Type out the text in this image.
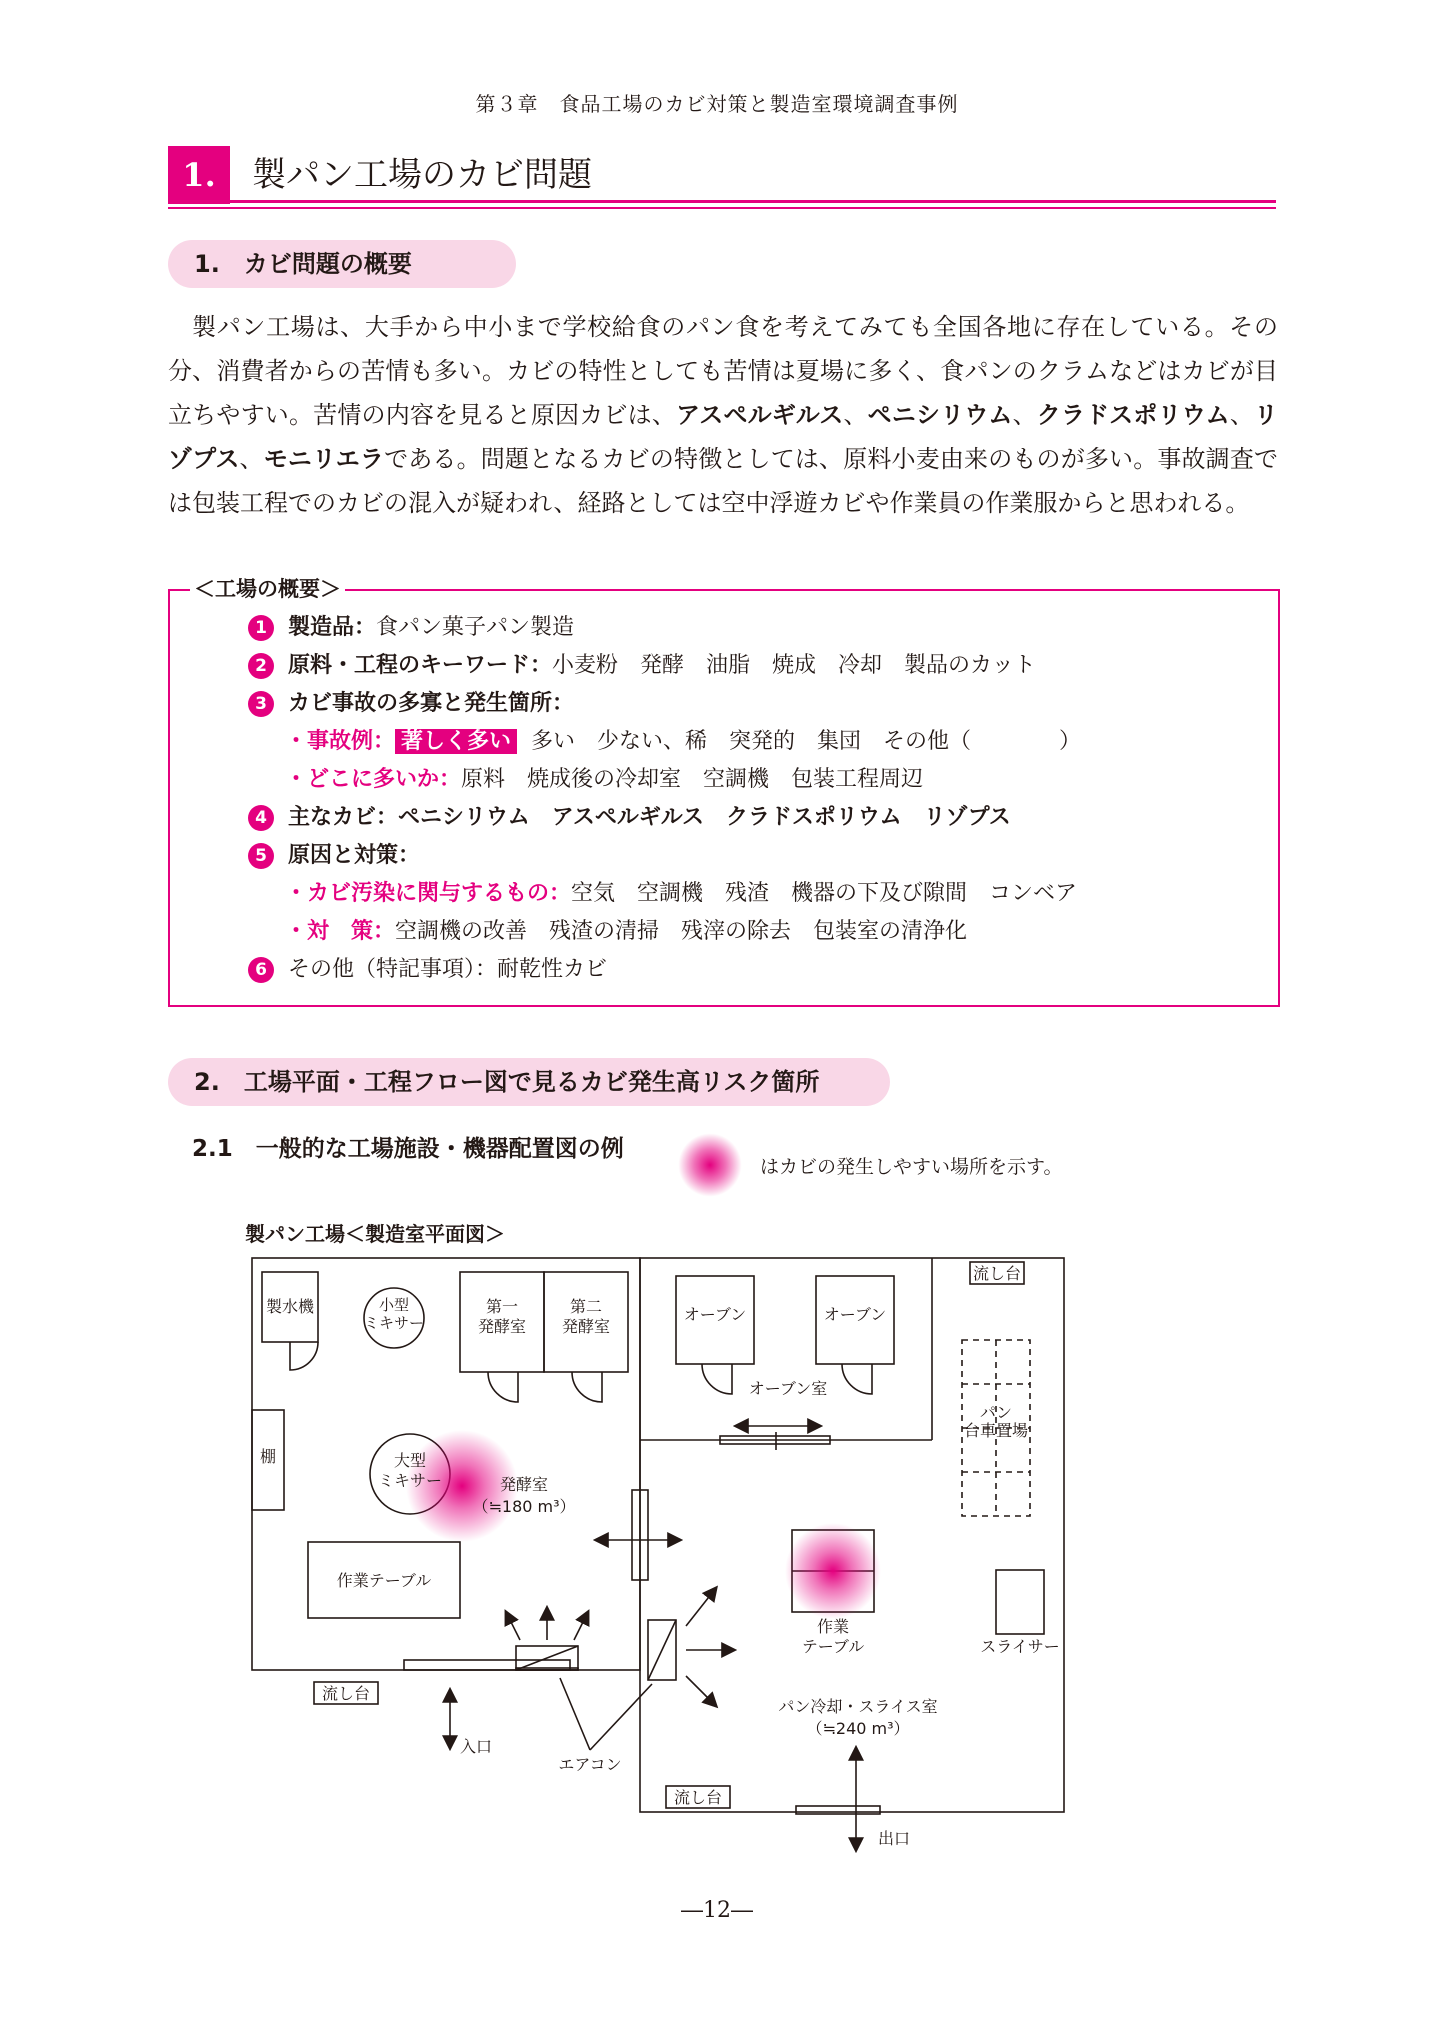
第３章　食品工場のカビ対策と製造室環境調査事例
1.	製パン工場のカビ問題
1.　カビ問題の概要
製パン工場は、大手から中小まで学校給食のパン食を考えてみても全国各地に存在している。その分、消費者からの苦情も多い。カビの特性としても苦情は夏場に多く、食パンのクラムなどはカビが目立ちやすい。苦情の内容を見ると原因カビは、アスペルギルス、ペニシリウム、クラドスポリウム、リゾプス、モニリエラである。問題となるカビの特徴としては、原料小麦由来のものが多い。事故調査では包装工程でのカビの混入が疑われ、経路としては空中浮遊カビや作業員の作業服からと思われる。
＜工場の概要＞
1 製造品：食パン菓子パン製造
2 原料・工程のキーワード：小麦粉　発酵　油脂　焼成　冷却　製品のカット
3 カビ事故の多寡と発生箇所：
・事故例： 著しく多い 多い　少ない、稀　突発的　集団　その他（　　　　）
・どこに多いか：原料　焼成後の冷却室　空調機　包装工程周辺
4 主なカビ：ペニシリウム　アスペルギルス　クラドスポリウム　リゾプス
5 原因と対策：
・カビ汚染に関与するもの：空気　空調機　残渣　機器の下及び隙間　コンベア
・対　策：空調機の改善　残渣の清掃　残滓の除去　包装室の清浄化
6 その他（特記事項）：耐乾性カビ
2.　工場平面・工程フロー図で見るカビ発生高リスク箇所
2.1　一般的な工場施設・機器配置図の例
はカビの発生しやすい場所を示す。
製パン工場＜製造室平面図＞
製水機	小型
ミキサー
第一
発酵室
第二
発酵室
棚	大型
ミキサー	発酵室
（≒180 m³）
作業テーブル
流し台
入口
エアコン
オーブン	オーブン
オーブン室
流し台
パン
台車置場
作業
テーブル	スライサー
パン冷却・スライス室
（≒240 m³）
流し台
出口
―12―
